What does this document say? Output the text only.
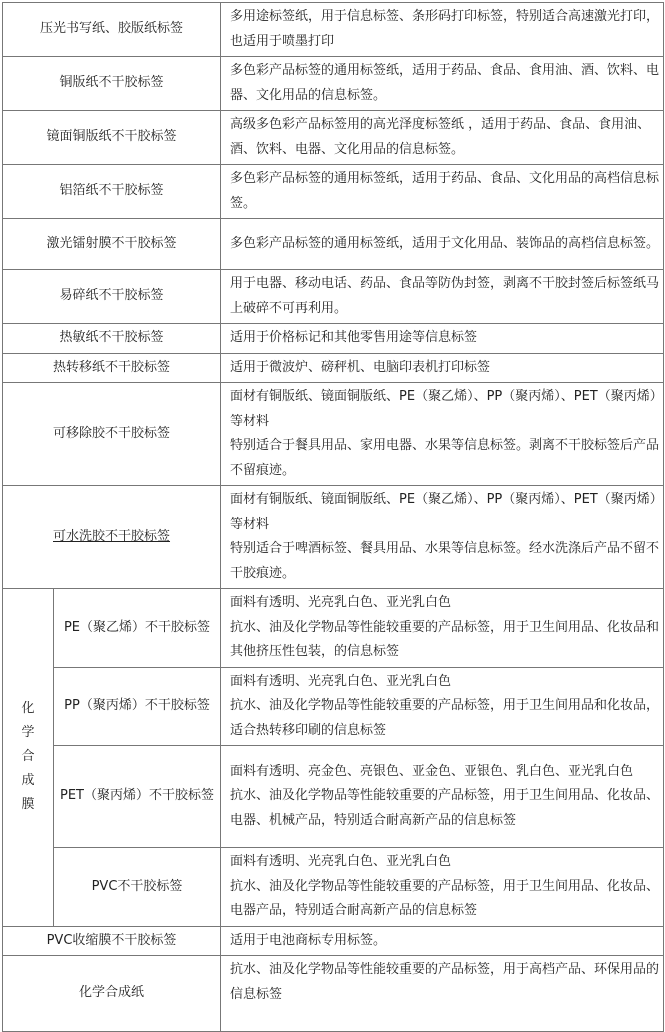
压光书写纸、胶版纸标签		多用途标签纸，用于信息标签、条形码打印标签，特别适合高速激光打印，也适用于喷墨打印

铜版纸不干胶标签		多色彩产品标签的通用标签纸，适用于药品、食品、食用油、酒、饮料、电器、文化用品的信息标签。

镜面铜版纸不干胶标签		高级多色彩产品标签用的高光泽度标签纸 ，适用于药品、食品、食用油、酒、饮料、电器、文化用品的信息标签。

铝箔纸不干胶标签		多色彩产品标签的通用标签纸，适用于药品、食品、文化用品的高档信息标签。

激光镭射膜不干胶标签		多色彩产品标签的通用标签纸，适用于文化用品、装饰品的高档信息标签。

易碎纸不干胶标签		用于电器、移动电话、药品、食品等防伪封签，剥离不干胶封签后标签纸马上破碎不可再利用。

热敏纸不干胶标签		适用于价格标记和其他零售用途等信息标签

热转移纸不干胶标签		适用于微波炉、磅秤机、电脑印表机打印标签

可移除胶不干胶标签		面材有铜版纸、镜面铜版纸、PE（聚乙烯）、PP（聚丙烯）、PET（聚丙烯）等材料
特别适合于餐具用品、家用电器、水果等信息标签。剥离不干胶标签后产品不留痕迹。

可水洗胶不干胶标签		面材有铜版纸、镜面铜版纸、PE（聚乙烯）、PP（聚丙烯）、PET（聚丙烯）等材料
特别适合于啤酒标签、餐具用品、水果等信息标签。经水洗涤后产品不留不干胶痕迹。

化
学
合
成
膜	PE（聚乙烯）不干胶标签	面料有透明、光亮乳白色、亚光乳白色
抗水、油及化学物品等性能较重要的产品标签，用于卫生间用品、化妆品和其他挤压性包装，的信息标签

	PP（聚丙烯）不干胶标签	面料有透明、光亮乳白色、亚光乳白色
抗水、油及化学物品等性能较重要的产品标签，用于卫生间用品和化妆品，适合热转移印刷的信息标签

	PET（聚丙烯）不干胶标签	面料有透明、亮金色、亮银色、亚金色、亚银色、乳白色、亚光乳白色
抗水、油及化学物品等性能较重要的产品标签，用于卫生间用品、化妆品、电器、机械产品，特别适合耐高新产品的信息标签

	PVC不干胶标签	面料有透明、光亮乳白色、亚光乳白色
抗水、油及化学物品等性能较重要的产品标签，用于卫生间用品、化妆品、电器产品，特别适合耐高新产品的信息标签

PVC收缩膜不干胶标签		适用于电池商标专用标签。

化学合成纸		抗水、油及化学物品等性能较重要的产品标签，用于高档产品、环保用品的信息标签
